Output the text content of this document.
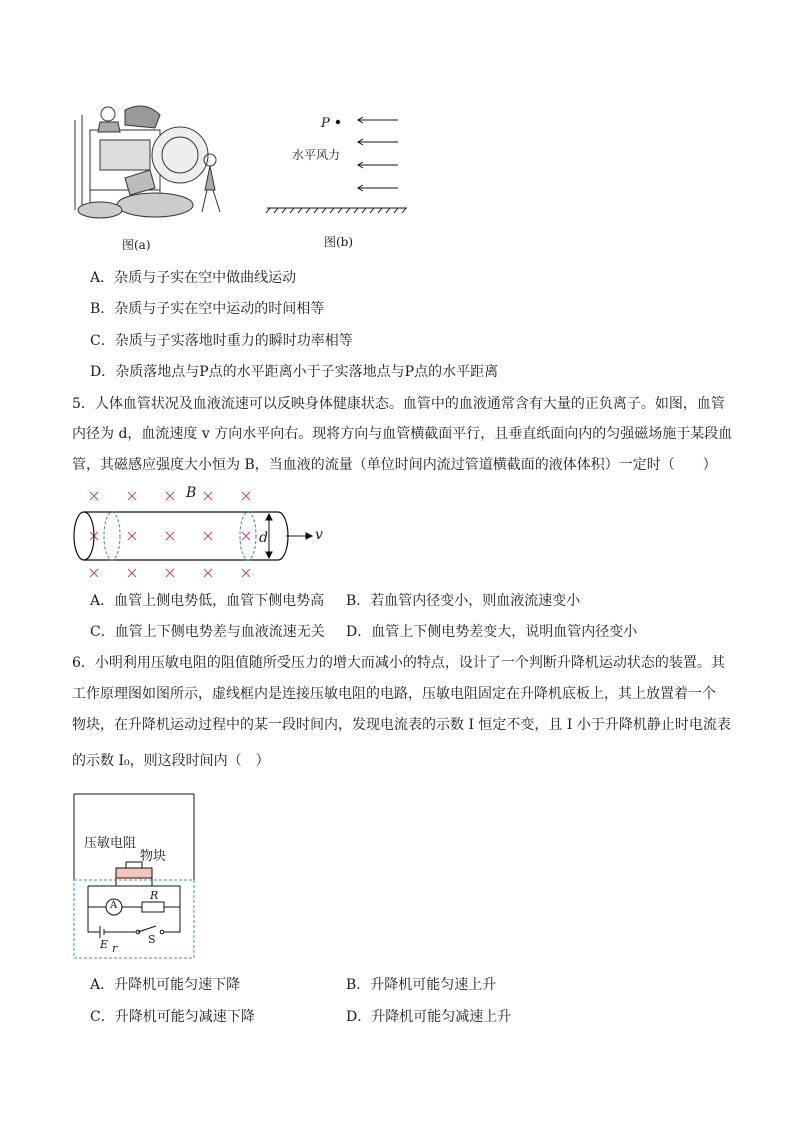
图(a)
P
水平风力
图(b)
A．杂质与子实在空中做曲线运动
B．杂质与子实在空中运动的时间相等
C．杂质与子实落地时重力的瞬时功率相等
D．杂质落地点与P点的水平距离小于子实落地点与P点的水平距离
5．人体血管状况及血液流速可以反映身体健康状态。血管中的血液通常含有大量的正负离子。如图，血管
内径为 d，血流速度 v 方向水平向右。现将方向与血管横截面平行，且垂直纸面向内的匀强磁场施于某段血
管，其磁感应强度大小恒为 B，当血液的流量（单位时间内流过管道横截面的液体体积）一定时（　　）
B
d	v
A．血管上侧电势低，血管下侧电势高 B．若血管内径变小，则血液流速变小
C．血管上下侧电势差与血液流速无关 D．血管上下侧电势差变大，说明血管内径变小
6．小明利用压敏电阻的阻值随所受压力的增大而减小的特点，设计了一个判断升降机运动状态的装置。其
工作原理图如图所示，虚线框内是连接压敏电阻的电路，压敏电阻固定在升降机底板上，其上放置着一个
物块，在升降机运动过程中的某一段时间内，发现电流表的示数 I 恒定不变，且 I 小于升降机静止时电流表
的示数 I₀，则这段时间内（　）
压敏电阻
物块
A
R
E r
S
A．升降机可能匀速下降	B．升降机可能匀速上升
C．升降机可能匀减速下降	D．升降机可能匀减速上升
